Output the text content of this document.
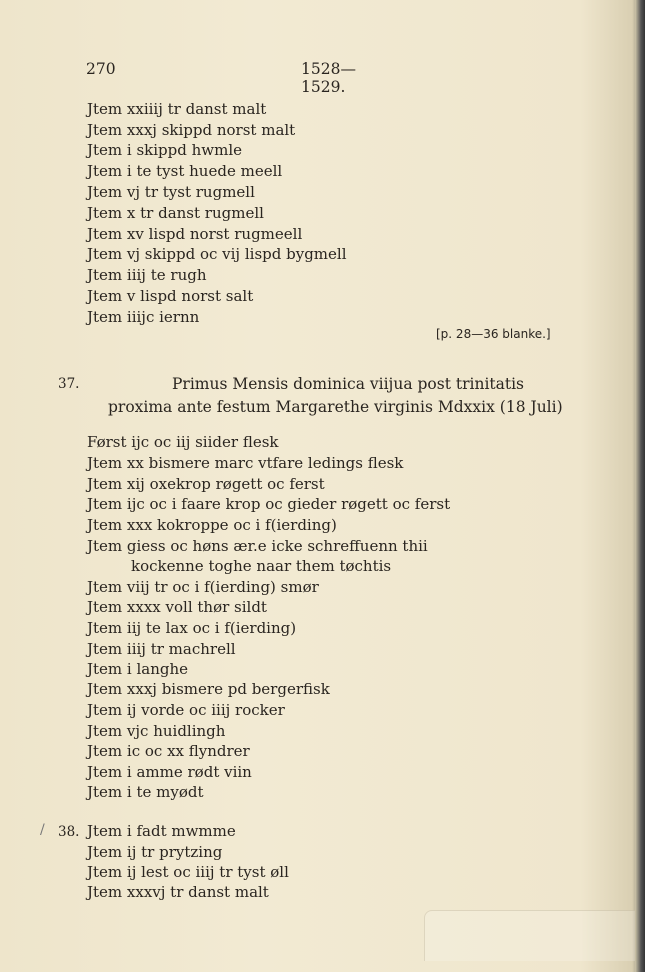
270	1528—1529.
Jtem xxiiij tr danst malt
Jtem xxxj skippd norst malt
Jtem i skippd hwmle
Jtem i te tyst huede meell
Jtem vj tr tyst rugmell
Jtem x tr danst rugmell
Jtem xv lispd norst rugmeell
Jtem vj skippd oc vij lispd bygmell
Jtem iiij te rugh
Jtem v lispd norst salt
Jtem iiijc iernn
[p. 28—36 blanke.]
37.	Primus Mensis dominica viijua post trinitatis
proxima ante festum Margarethe virginis Mdxxix (18 Juli)
Først ijc oc iij siider flesk
Jtem xx bismere marc vtfare ledings flesk
Jtem xij oxekrop røgett oc ferst
Jtem ijc oc i faare krop oc gieder røgett oc ferst
Jtem xxx kokroppe oc i f(ierding)
Jtem giess oc høns ær.e icke schreffuenn thii
kockenne toghe naar them tøchtis
Jtem viij tr oc i f(ierding) smør
Jtem xxxx voll thør sildt
Jtem iij te lax oc i f(ierding)
Jtem iiij tr machrell
Jtem i langhe
Jtem xxxj bismere pd bergerfisk
Jtem ij vorde oc iiij rocker
Jtem vjc huidlingh
Jtem ic oc xx flyndrer
Jtem i amme rødt viin
Jtem i te myødt
/ 38. Jtem i fadt mwmme
Jtem ij tr prytzing
Jtem ij lest oc iiij tr tyst øll
Jtem xxxvj tr danst malt
